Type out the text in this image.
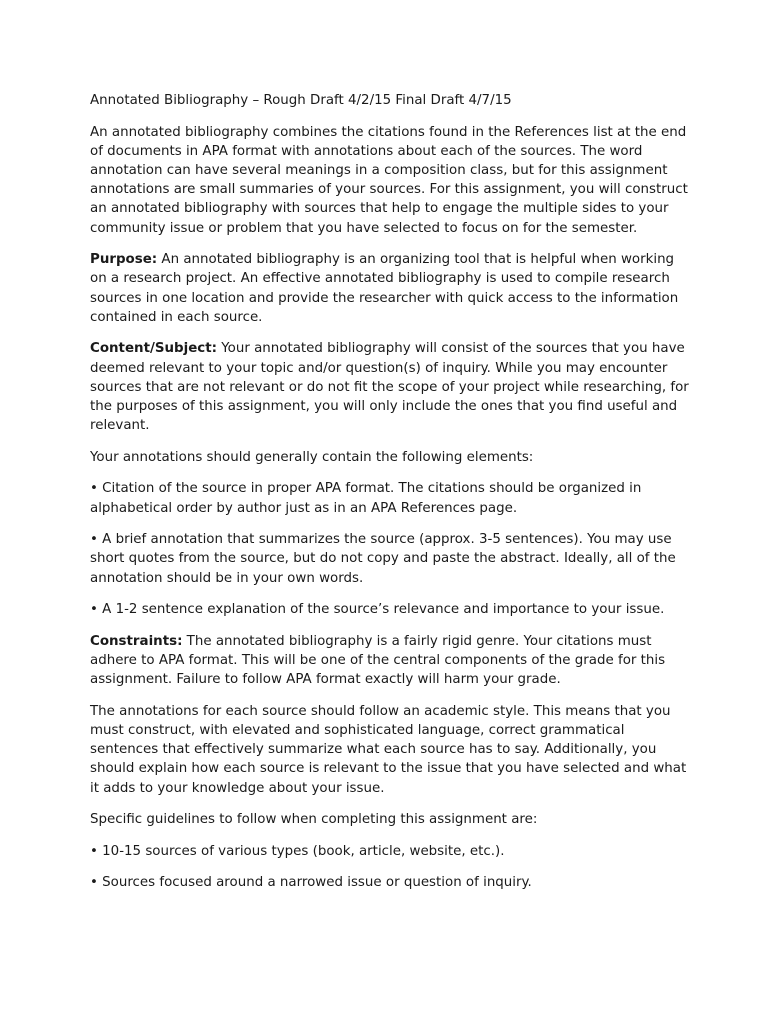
Annotated Bibliography – Rough Draft 4/2/15 Final Draft 4/7/15

An annotated bibliography combines the citations found in the References list at the end of documents in APA format with annotations about each of the sources. The word annotation can have several meanings in a composition class, but for this assignment annotations are small summaries of your sources. For this assignment, you will construct an annotated bibliography with sources that help to engage the multiple sides to your community issue or problem that you have selected to focus on for the semester.

Purpose: An annotated bibliography is an organizing tool that is helpful when working on a research project. An effective annotated bibliography is used to compile research sources in one location and provide the researcher with quick access to the information contained in each source.

Content/Subject: Your annotated bibliography will consist of the sources that you have deemed relevant to your topic and/or question(s) of inquiry. While you may encounter sources that are not relevant or do not fit the scope of your project while researching, for the purposes of this assignment, you will only include the ones that you find useful and relevant.

Your annotations should generally contain the following elements:

• Citation of the source in proper APA format. The citations should be organized in alphabetical order by author just as in an APA References page.

• A brief annotation that summarizes the source (approx. 3-5 sentences). You may use short quotes from the source, but do not copy and paste the abstract. Ideally, all of the annotation should be in your own words.

• A 1-2 sentence explanation of the source’s relevance and importance to your issue.

Constraints: The annotated bibliography is a fairly rigid genre. Your citations must adhere to APA format. This will be one of the central components of the grade for this assignment. Failure to follow APA format exactly will harm your grade.

The annotations for each source should follow an academic style. This means that you must construct, with elevated and sophisticated language, correct grammatical sentences that effectively summarize what each source has to say. Additionally, you should explain how each source is relevant to the issue that you have selected and what it adds to your knowledge about your issue.

Specific guidelines to follow when completing this assignment are:

• 10-15 sources of various types (book, article, website, etc.).

• Sources focused around a narrowed issue or question of inquiry.
